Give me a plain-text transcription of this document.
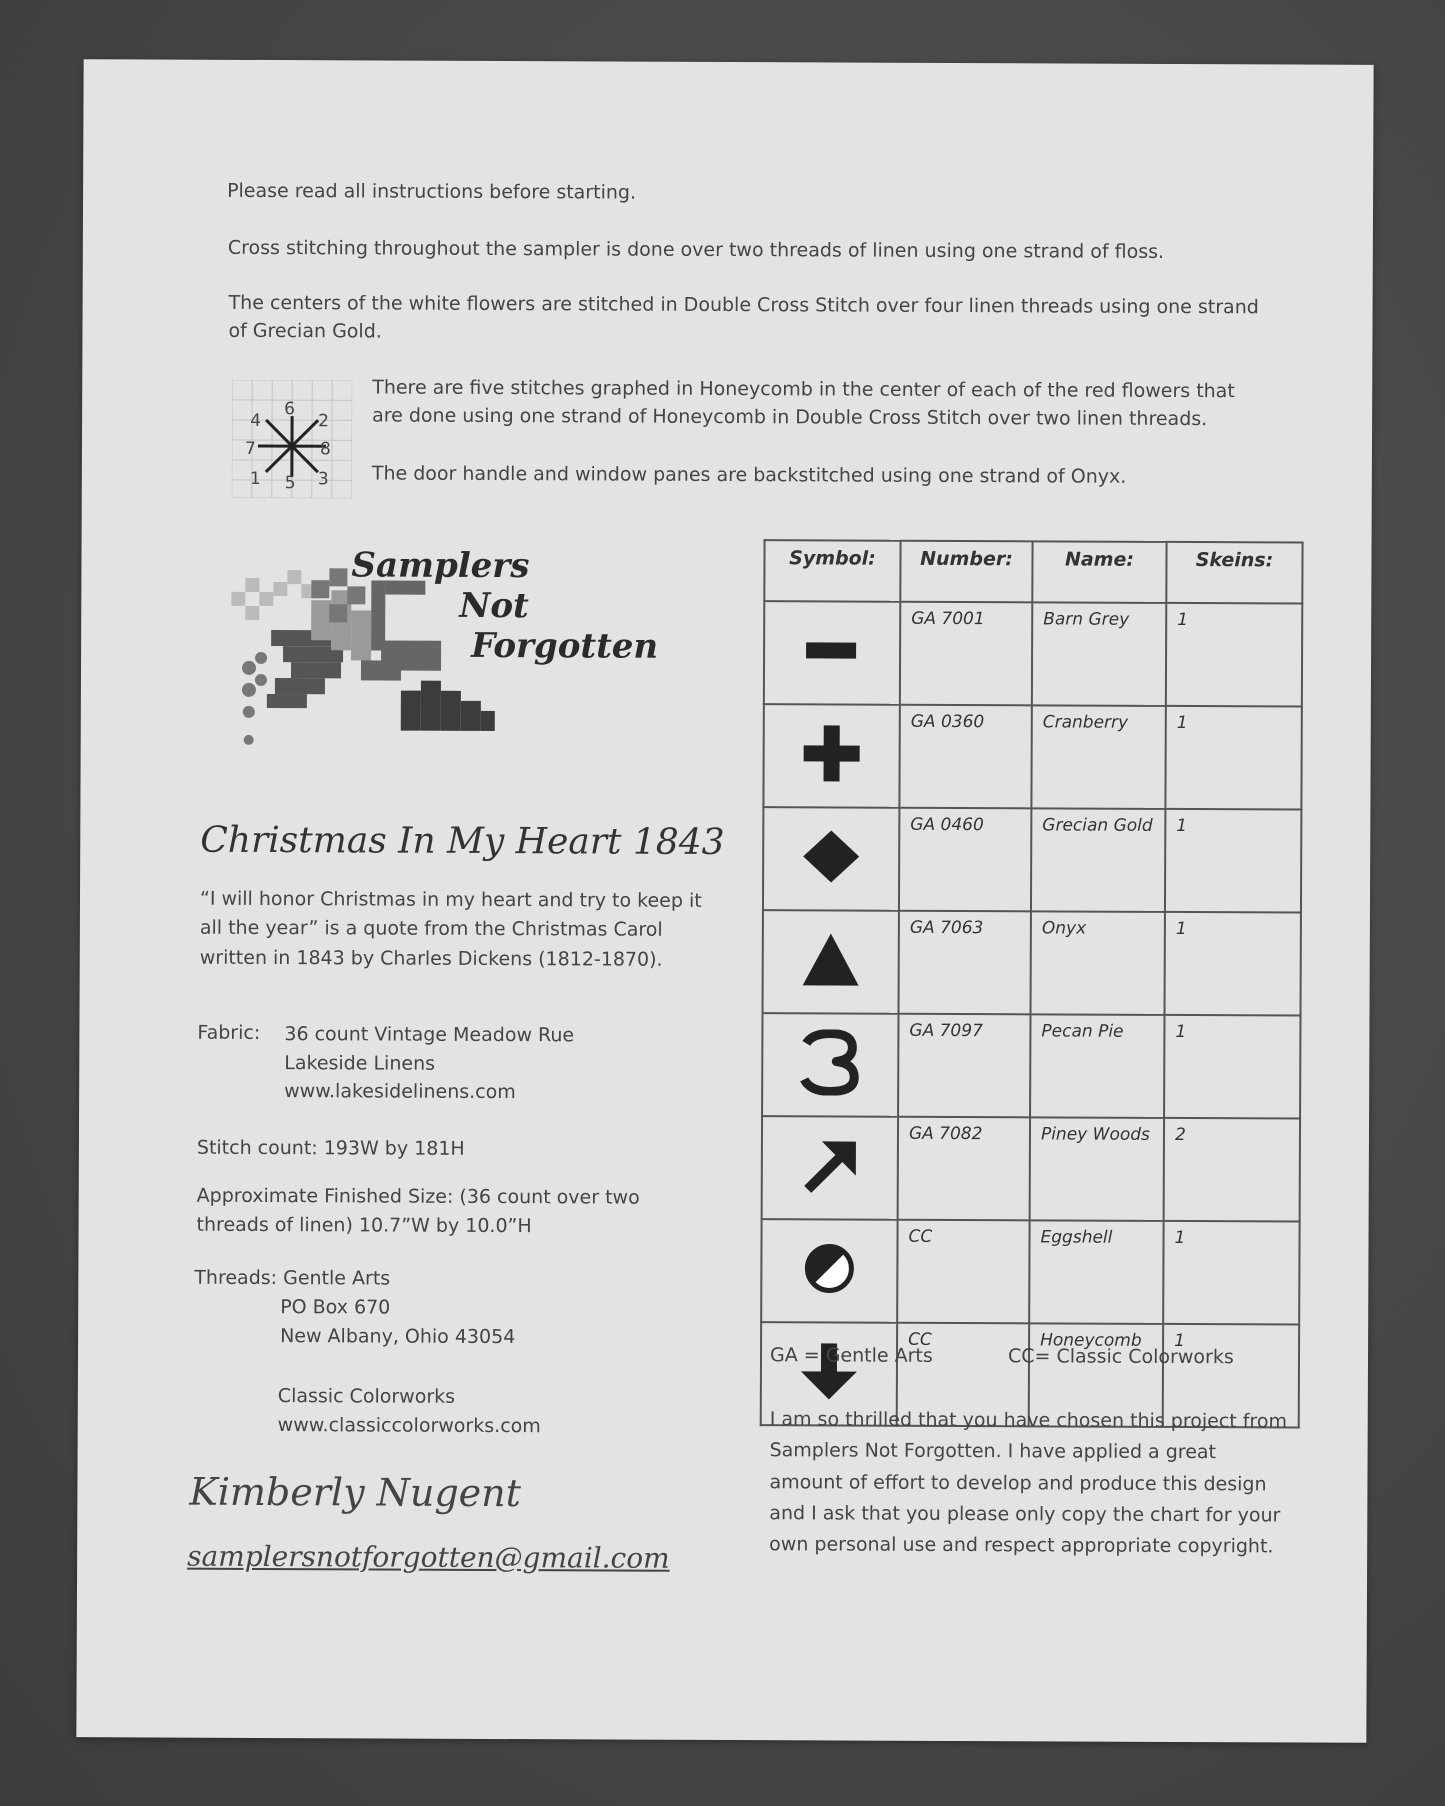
Please read all instructions before starting.

Cross stitching throughout the sampler is done over two threads of linen using one strand of floss.

The centers of the white flowers are stitched in Double Cross Stitch over four linen threads using one strand of Grecian Gold.

4
6
2
7	8
1 5 3

There are five stitches graphed in Honeycomb in the center of each of the red flowers that are done using one strand of Honeycomb in Double Cross Stitch over two linen threads.

The door handle and window panes are backstitched using one strand of Onyx.

Samplers
Not
Forgotten
Christmas In My Heart 1843

“I will honor Christmas in my heart and try to keep it all the year” is a quote from the Christmas Carol written in 1843 by Charles Dickens (1812-1870).

Fabric: 36 count Vintage Meadow Rue
Lakeside Linens
www.lakesidelinens.com

Stitch count: 193W by 181H

Approximate Finished Size: (36 count over two threads of linen) 10.7”W by 10.0”H

Threads: Gentle Arts

PO Box 670
New Albany, Ohio 43054
Classic Colorworks
www.classiccolorworks.com
Kimberly Nugent
samplersnotforgotten@gmail.com
Symbol:	Number:	Name:	Skeins:
	GA 7001	Barn Grey	1
	GA 0360	Cranberry	1
	GA 0460	Grecian Gold	1
	GA 7063	Onyx	1
	GA 7097	Pecan Pie	1
	GA 7082	Piney Woods	2
	CC	Eggshell	1
	CC	Honeycomb	1

GA = Gentle Arts	CC= Classic Colorworks

I am so thrilled that you have chosen this project from Samplers Not Forgotten. I have applied a great amount of effort to develop and produce this design and I ask that you please only copy the chart for your own personal use and respect appropriate copyright.
